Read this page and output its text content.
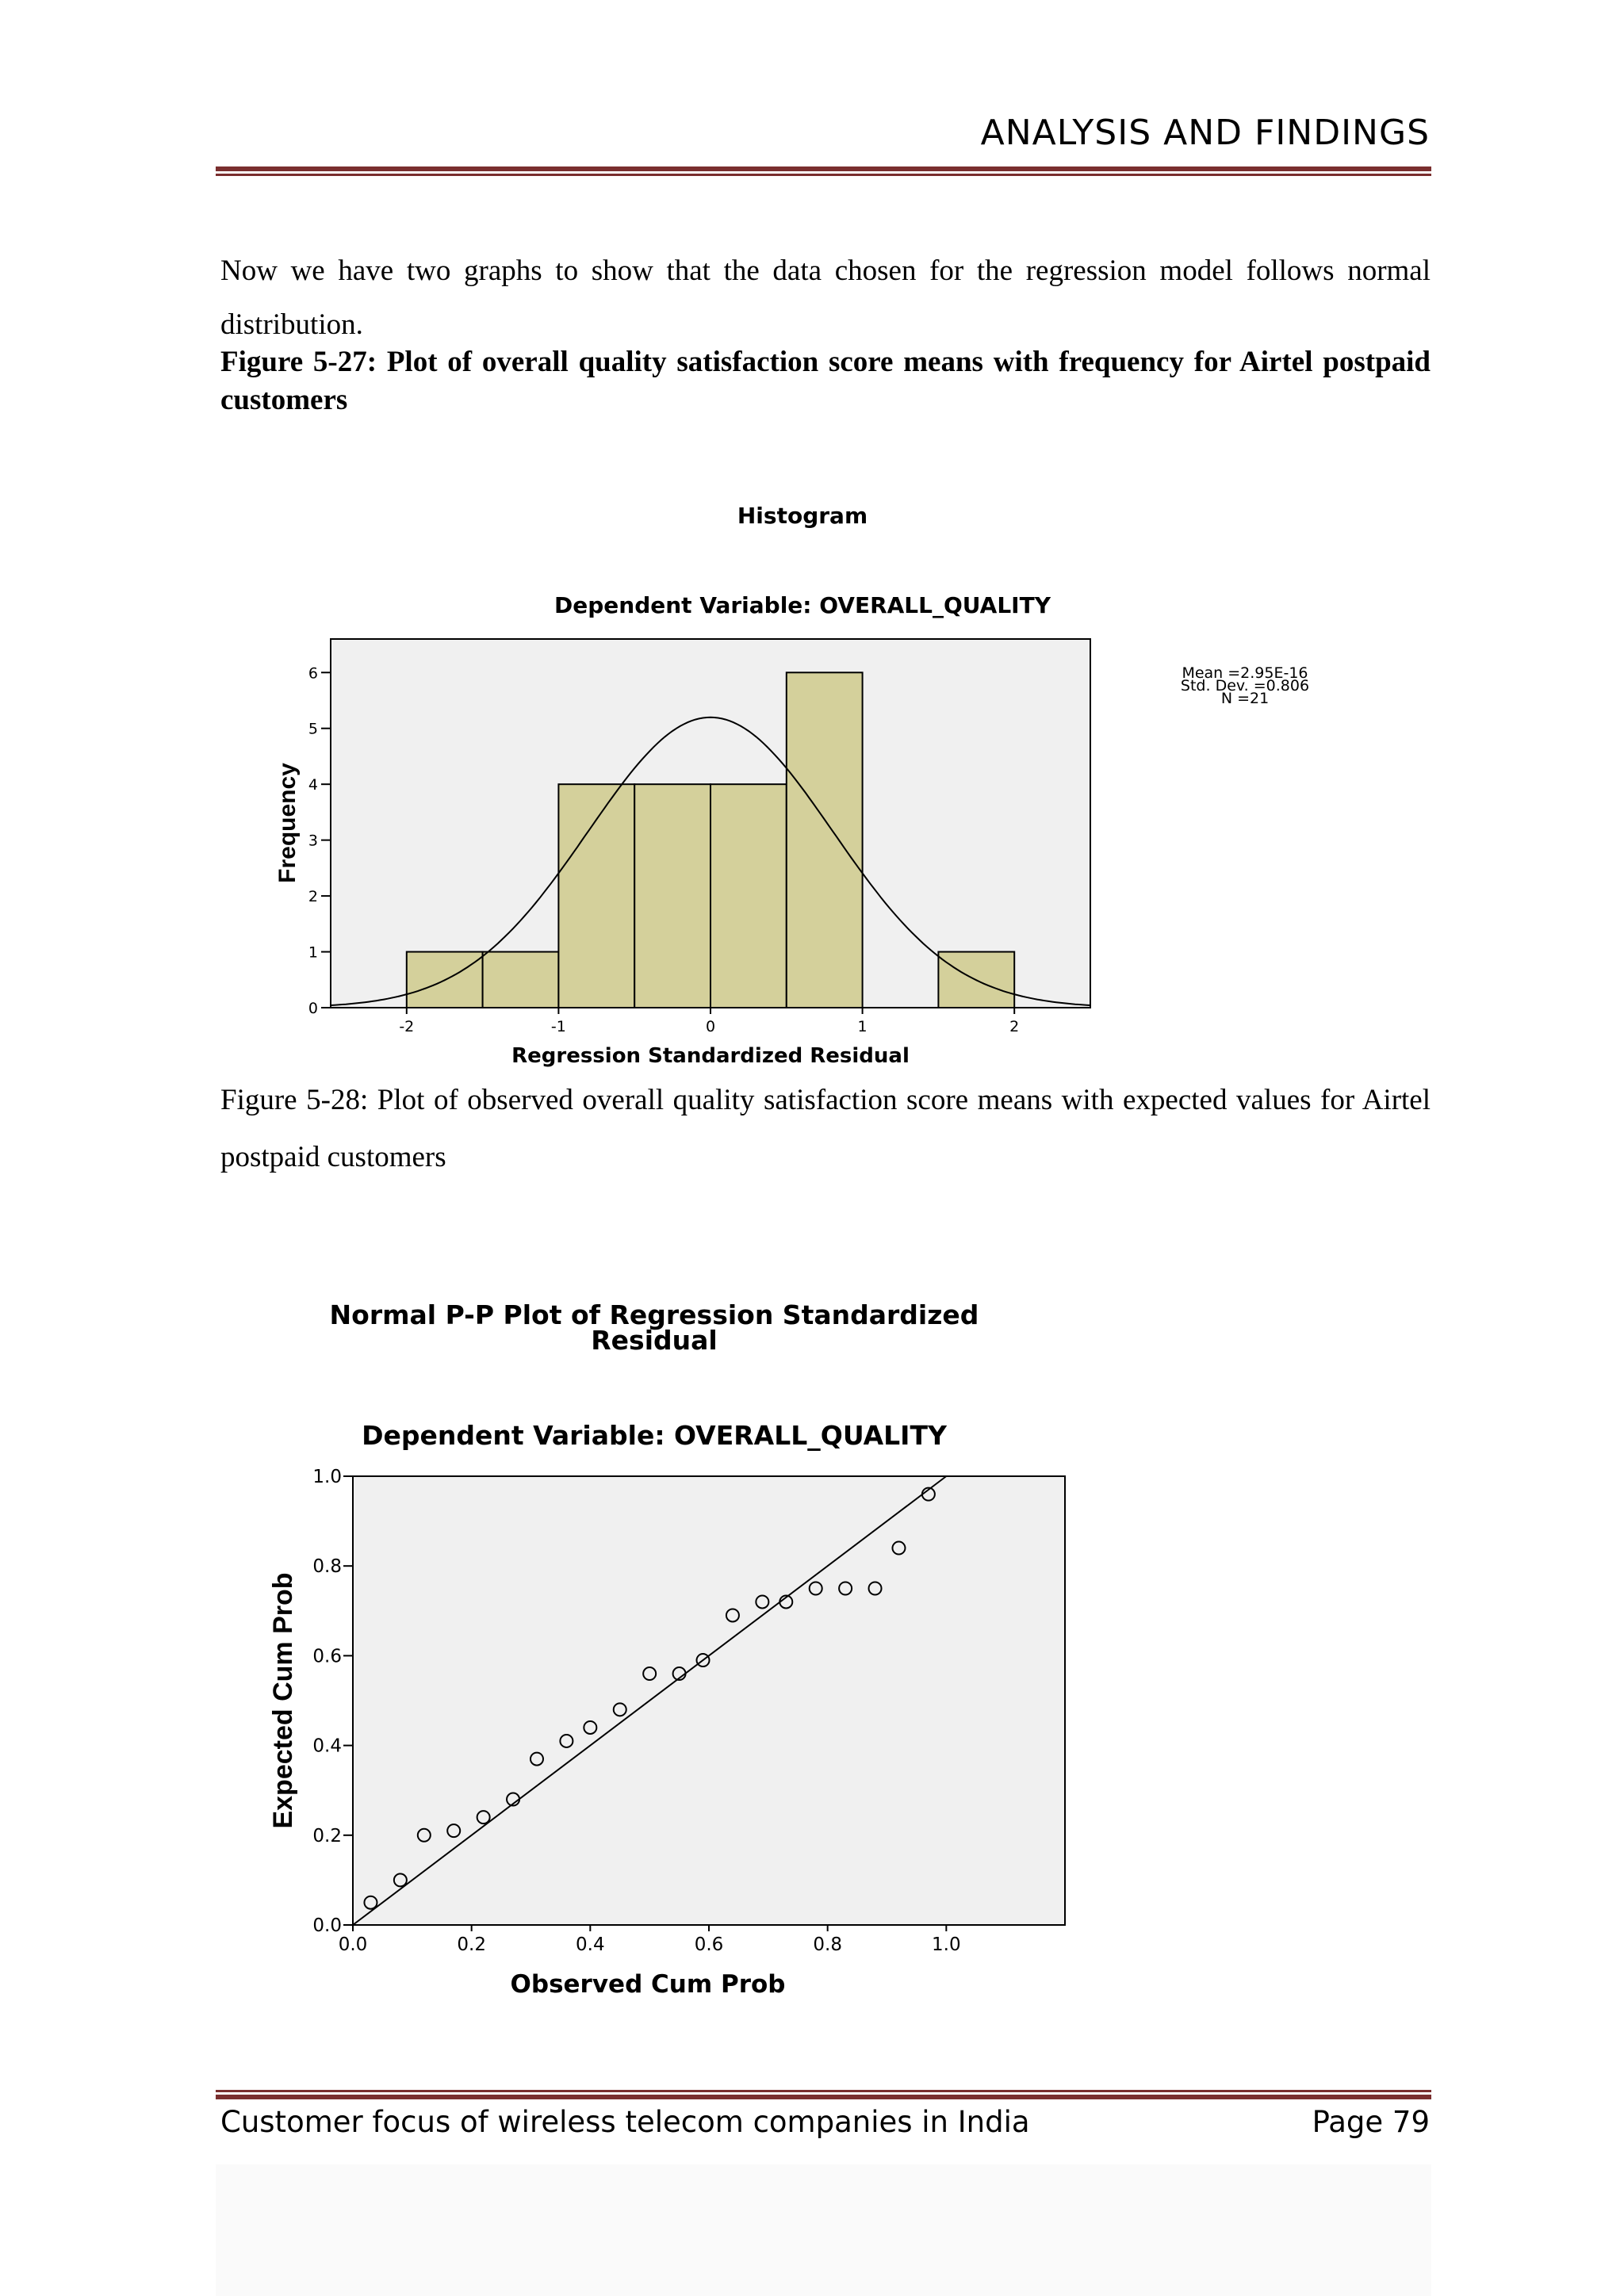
ANALYSIS AND FINDINGS
Now we have two graphs to show that the data chosen for the regression model follows normal distribution.
Figure 5-27: Plot of overall quality satisfaction score means with frequency for Airtel postpaid customers
Histogram
Dependent Variable: OVERALL_QUALITY
0
1
2
3
4
5
6
-2	-1	0	1	2
Frequency
Regression Standardized Residual
Mean =2.95E-16
Std. Dev. =0.806
N =21
Figure 5-28: Plot of observed overall quality satisfaction score means with expected values for Airtel postpaid customers
Normal P-P Plot of Regression Standardized
Residual
Dependent Variable: OVERALL_QUALITY
0.0
0.2
0.4
0.6
0.8
1.0
0.0	0.2	0.4	0.6	0.8	1.0
Expected Cum Prob
Observed Cum Prob
Customer focus of wireless telecom companies in India	Page 79
